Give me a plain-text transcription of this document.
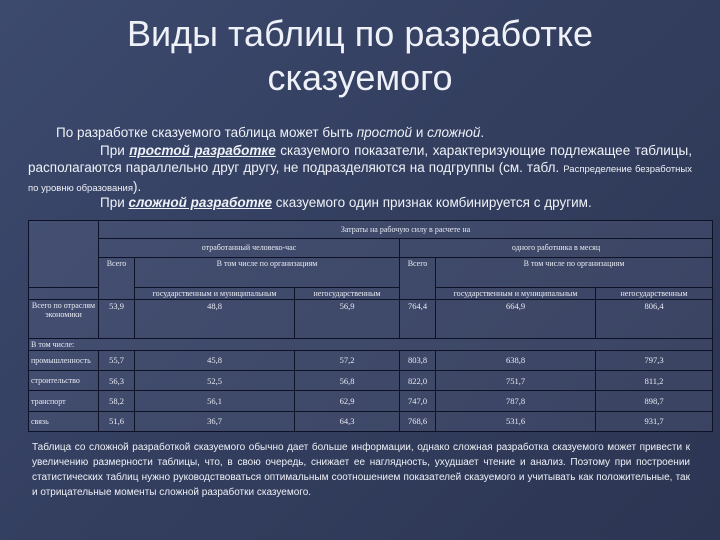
Виды таблиц по разработке сказуемого
По разработке сказуемого таблица может быть простой и сложной.
При простой разработке сказуемого показатели, характеризующие подлежащее таблицы, располагаются параллельно друг другу, не подразделяются на подгруппы (см. табл. Распределение безработных по уровню образования).
При сложной разработке сказуемого один признак комбинируется с другим.
	Затраты на рабочую силу в расчете на					
	отработанный человеко-час			одного работника в месяц		
	Всего	В том числе по организациям		Всего	В том числе по организациям	
		государственным и муниципальным	негосударственным		государственным и муниципальным	негосударственным
Всего по отраслям экономики	53,9	48,8	56,9	764,4	664,9	806,4
В том числе:						
промышленность	55,7	45,8	57,2	803,8	638,8	797,3
строительство	56,3	52,5	56,8	822,0	751,7	811,2
транспорт	58,2	56,1	62,9	747,0	787,8	898,7
связь	51,6	36,7	64,3	768,6	531,6	931,7
Таблица со сложной разработкой сказуемого обычно дает больше информации, однако сложная разработка сказуемого может привести к увеличению размерности таблицы, что, в свою очередь, снижает ее наглядность, ухудшает чтение и анализ. Поэтому при построении статистических таблиц нужно руководствоваться оптимальным соотношением показателей сказуемого и учитывать как положительные, так и отрицательные моменты сложной разработки сказуемого.
